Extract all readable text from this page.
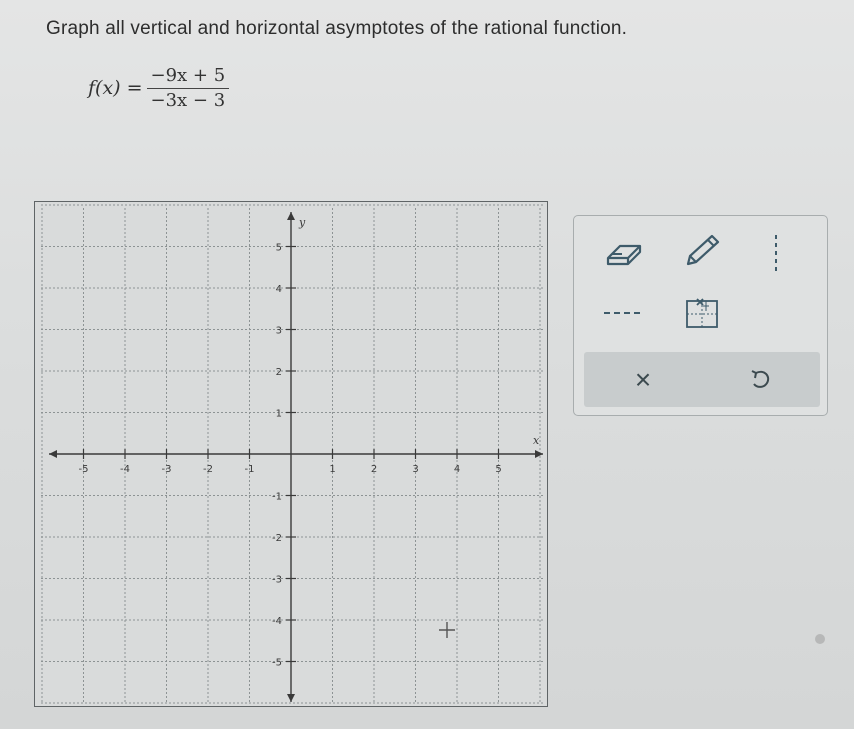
Graph all vertical and horizontal asymptotes of the rational function.
$f(x) = \frac{-9x + 5}{-3x - 3}$
x
y
-5	-4	-3	-2	-1	1	2	3	4	5
5
4
3
2
1
-1
-2
-3
-4
-5
×
